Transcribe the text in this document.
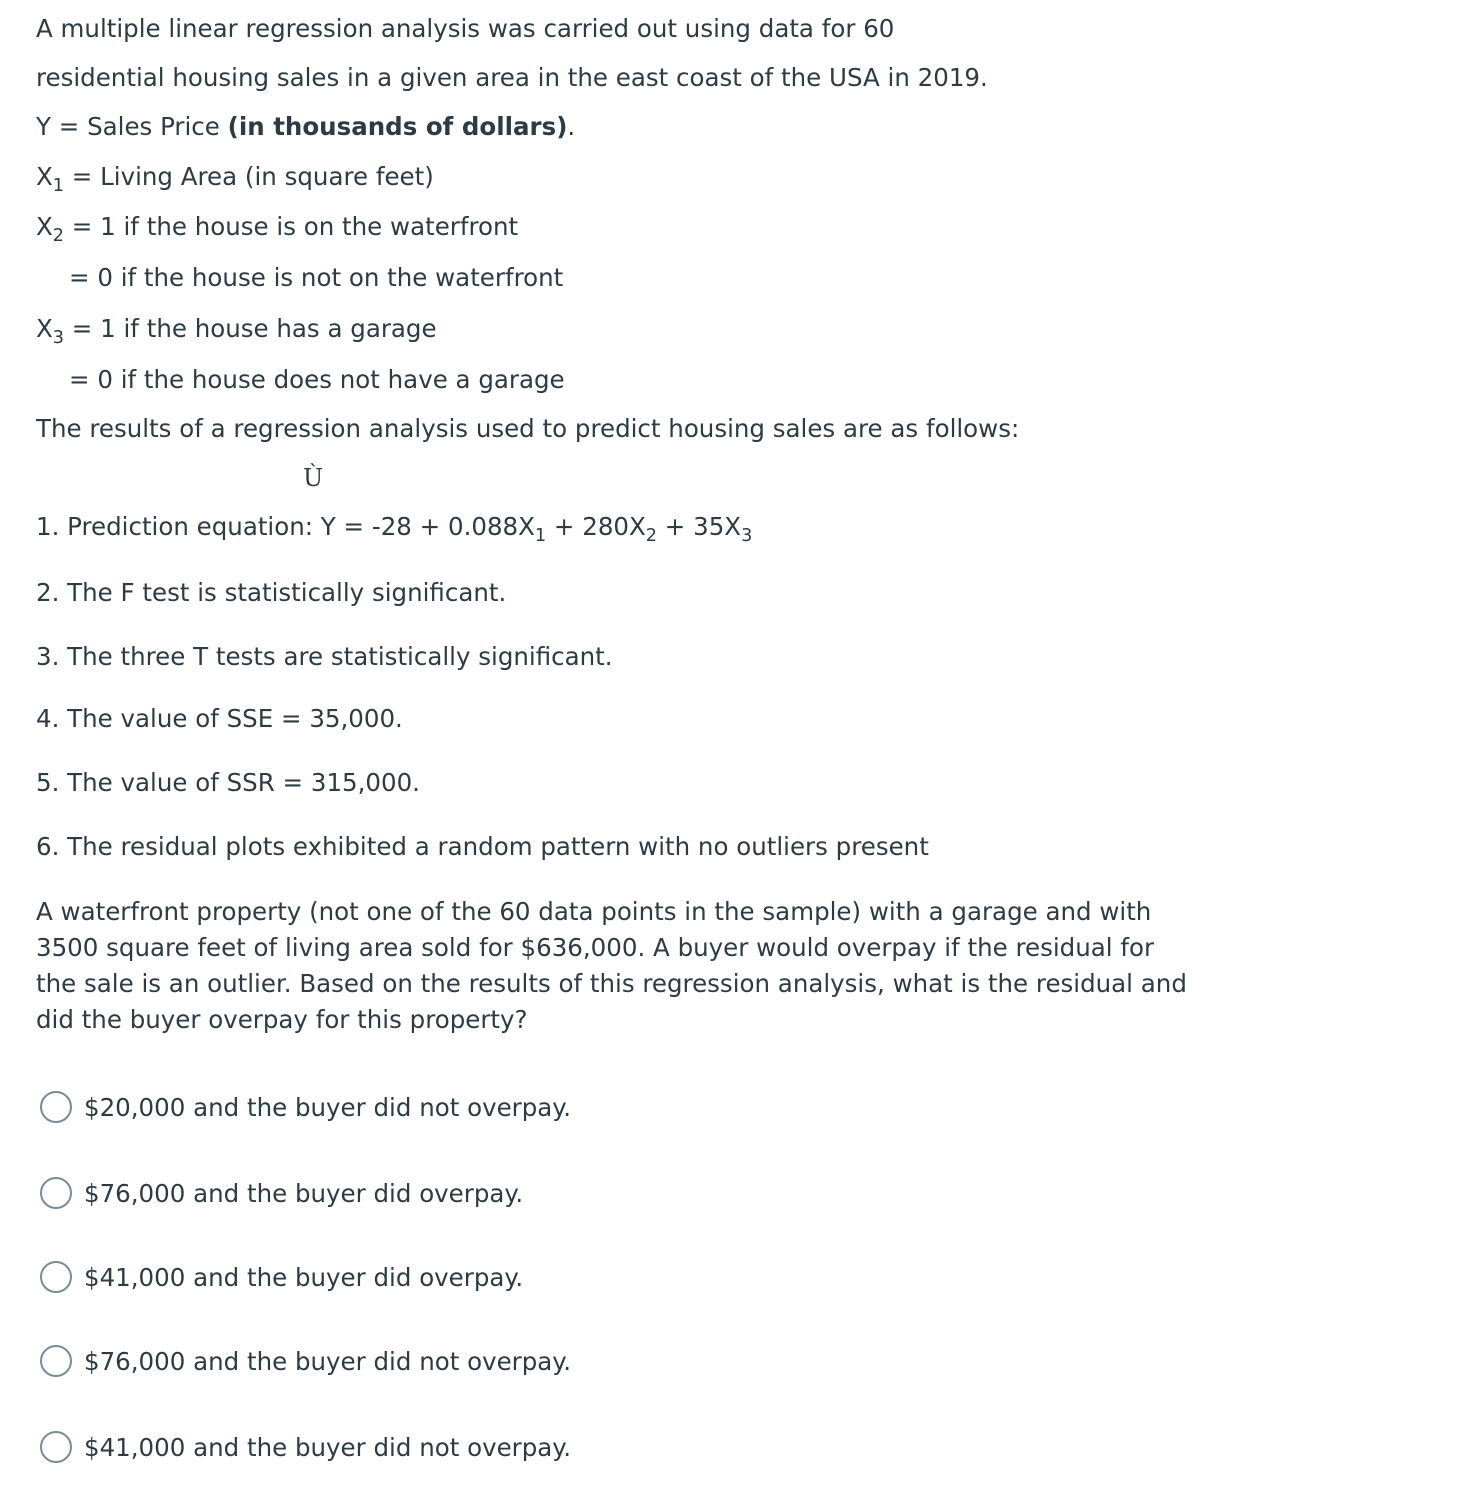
A multiple linear regression analysis was carried out using data for 60
residential housing sales in a given area in the east coast of the USA in 2019.
Y = Sales Price (in thousands of dollars).
$X_1$ = Living Area (in square feet)
$X_2 = 1$ if the house is on the waterfront
= 0 if the house is not on the waterfront
$X_3 = 1$ if the house has a garage
= 0 if the house does not have a garage
The results of a regression analysis used to predict housing sales are as follows:
Ù
1. Prediction equation: $Y = -28 + 0.088X_1 + 280X_2 + 35X_3$
2. The F test is statistically significant.
3. The three T tests are statistically significant.
4. The value of SSE = 35,000.
5. The value of SSR = 315,000.
6. The residual plots exhibited a random pattern with no outliers present
A waterfront property (not one of the 60 data points in the sample) with a garage and with 3500 square feet of living area sold for $636,000. A buyer would overpay if the residual for the sale is an outlier. Based on the results of this regression analysis, what is the residual and did the buyer overpay for this property?
$20,000 and the buyer did not overpay.
$76,000 and the buyer did overpay.
$41,000 and the buyer did overpay.
$76,000 and the buyer did not overpay.
$41,000 and the buyer did not overpay.
